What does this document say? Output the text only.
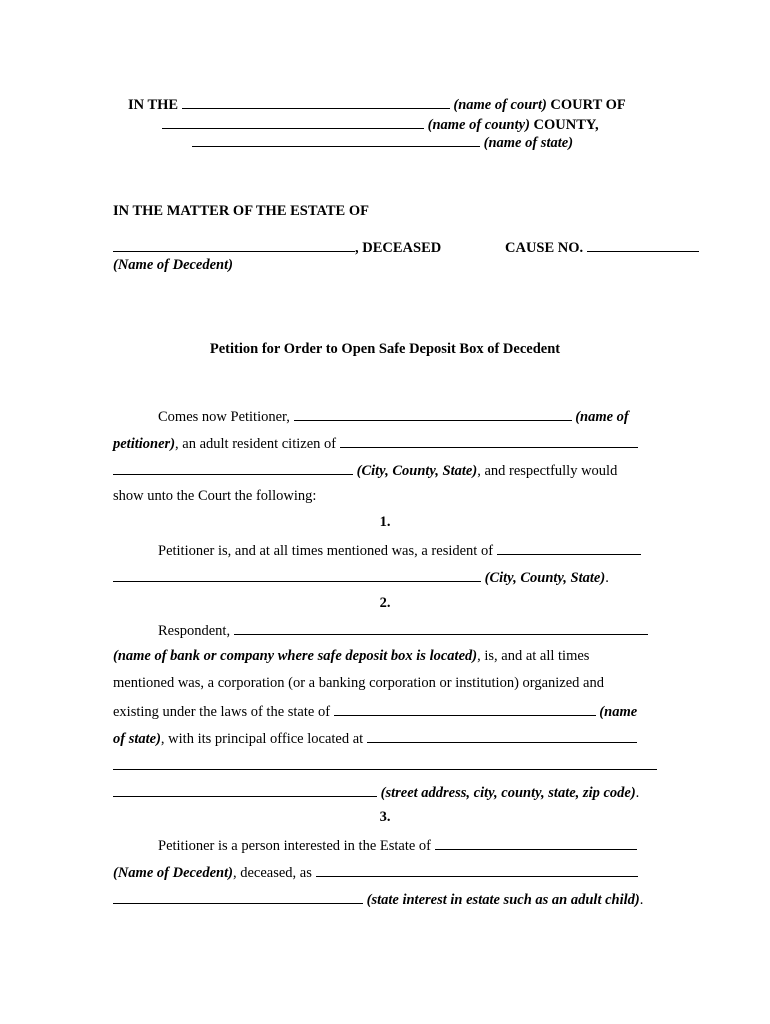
IN THE	(name of court) COURT OF
(name of county) COUNTY,
(name of state)
IN THE MATTER OF THE ESTATE OF
, DECEASED	CAUSE NO.
(Name of Decedent)
Petition for Order to Open Safe Deposit Box of Decedent
Comes now Petitioner,	(name of
petitioner), an adult resident citizen of
(City, County, State), and respectfully would
show unto the Court the following:
1.
Petitioner is, and at all times mentioned was, a resident of
(City, County, State).
2.
Respondent,
(name of bank or company where safe deposit box is located), is, and at all times
mentioned was, a corporation (or a banking corporation or institution) organized and
existing under the laws of the state of	(name
of state), with its principal office located at
(street address, city, county, state, zip code).
3.
Petitioner is a person interested in the Estate of
(Name of Decedent), deceased, as
(state interest in estate such as an adult child).
